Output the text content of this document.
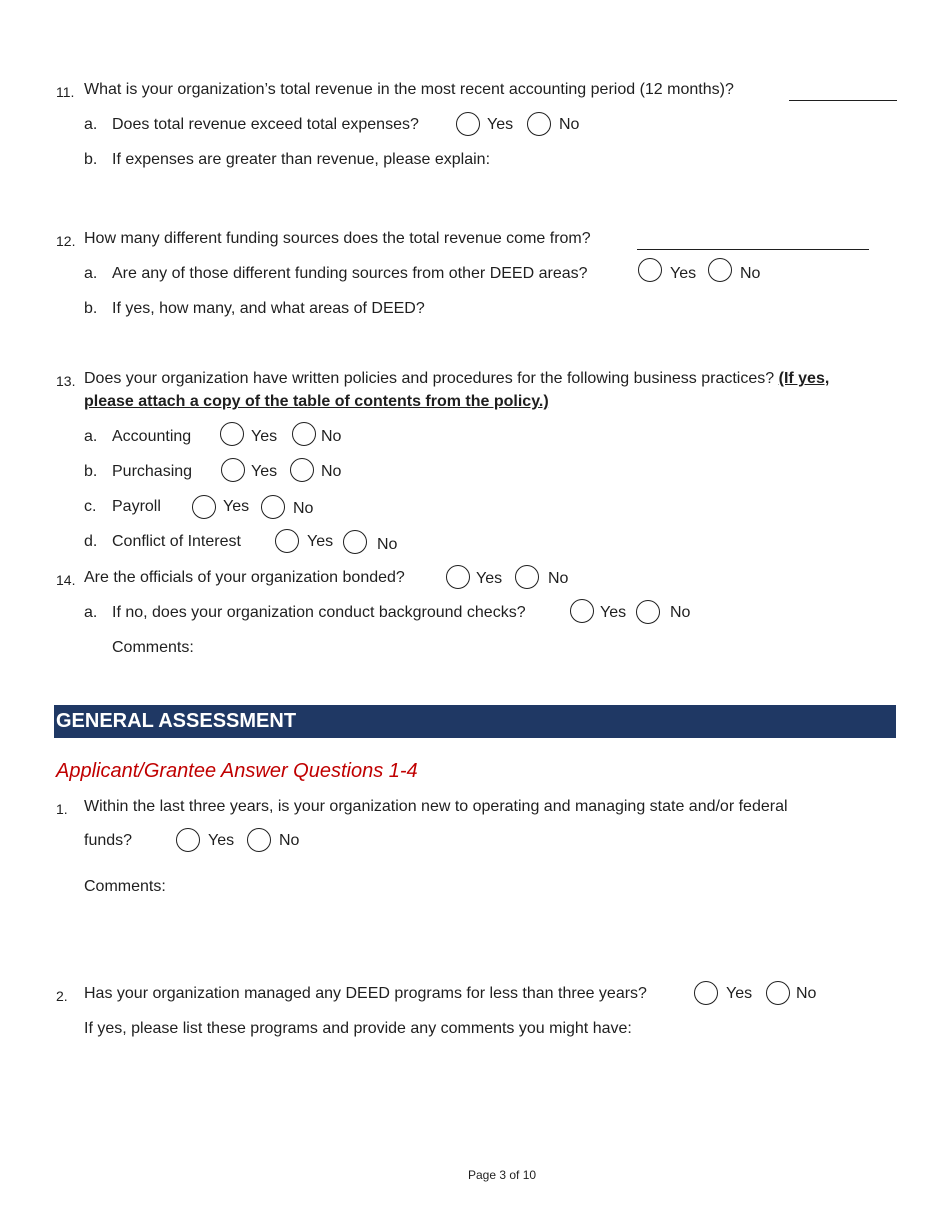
11. What is your organization’s total revenue in the most recent accounting period (12 months)?
a. Does total revenue exceed total expenses?	Yes	No
b. If expenses are greater than revenue, please explain:
12. How many different funding sources does the total revenue come from?
a. Are any of those different funding sources from other DEED areas?	Yes	No
b. If yes, how many, and what areas of DEED?
13. Does your organization have written policies and procedures for the following business practices? (If yes,
please attach a copy of the table of contents from the policy.)
a. Accounting	Yes	No
b. Purchasing	Yes	No
c. Payroll	Yes	No
d. Conflict of Interest	Yes	No
14. Are the officials of your organization bonded?	Yes	No
a. If no, does your organization conduct background checks?	Yes	No
Comments:
GENERAL ASSESSMENT
Applicant/Grantee Answer Questions 1-4
1. Within the last three years, is your organization new to operating and managing state and/or federal
funds?	Yes	No
Comments:
2. Has your organization managed any DEED programs for less than three years?	Yes	No
If yes, please list these programs and provide any comments you might have:
Page 3 of 10
